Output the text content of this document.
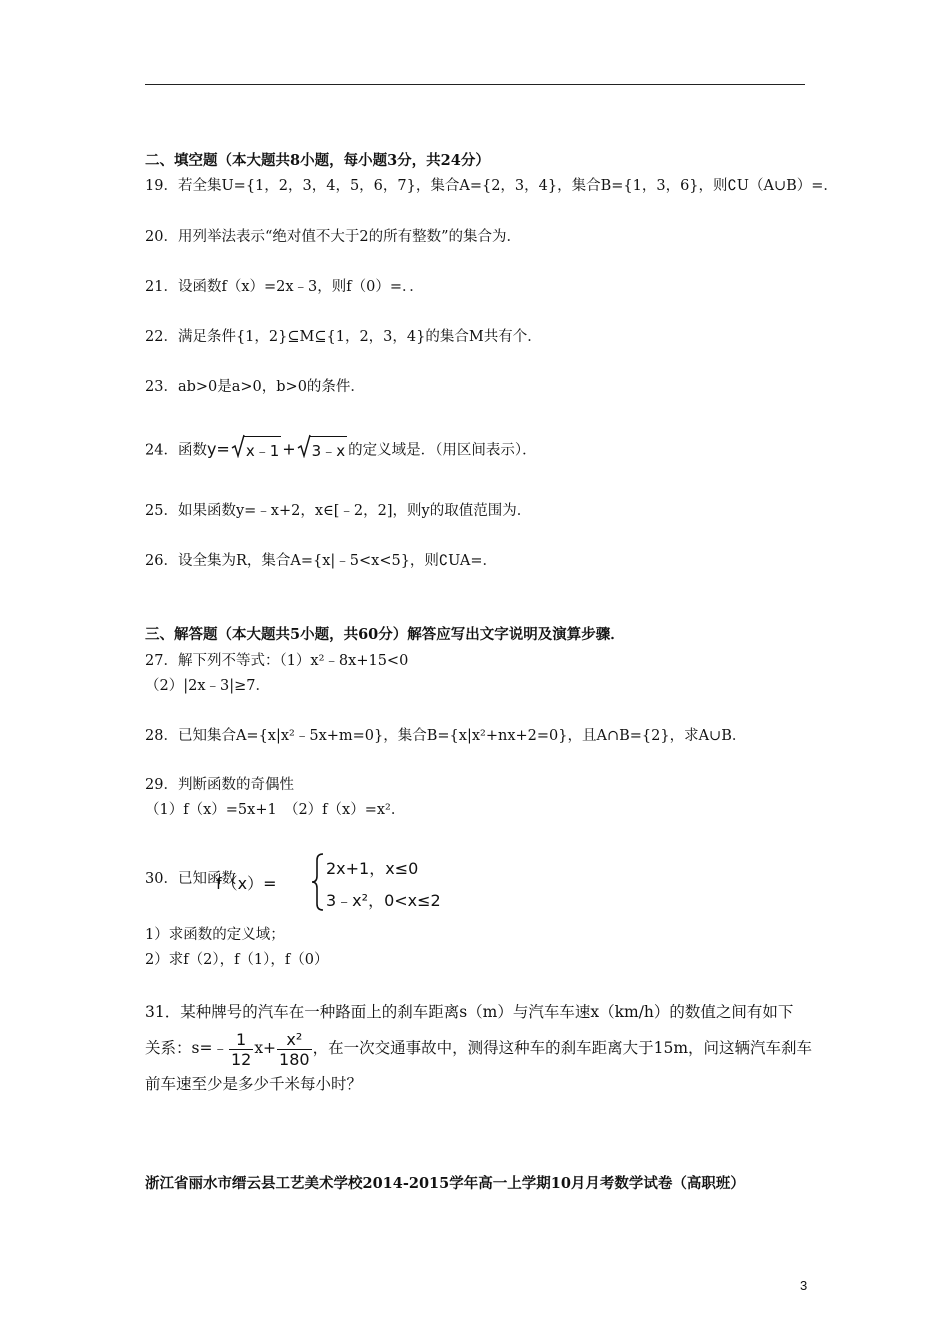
二、填空题（本大题共8小题，每小题3分，共24分）
19．若全集U={1，2，3，4，5，6，7}，集合A={2，3，4}，集合B={1，3，6}，则∁U（A∪B）=．
20．用列举法表示“绝对值不大于2的所有整数”的集合为．
21．设函数f（x）=2x﹣3，则f（0）=．．
22．满足条件{1，2}⊆M⊆{1，2，3，4}的集合M共有个．
23．ab>0是a>0，b>0的条件．
24．函数y= x﹣1 + 3﹣x 的定义域是．（用区间表示）．
25．如果函数y=﹣x+2，x∈[﹣2，2]，则y的取值范围为．
26．设全集为R，集合A={x|﹣5<x<5}，则∁UA=．
三、解答题（本大题共5小题，共60分）解答应写出文字说明及演算步骤．
27．解下列不等式：（1）x²﹣8x+15<0
（2）|2x﹣3|≥7．
28．已知集合A={x|x²﹣5x+m=0}，集合B={x|x²+nx+2=0}，且A∩B={2}，求A∪B．
29．判断函数的奇偶性
（1）f（x）=5x+1　（2）f（x）=x²．
30．已知函数
f（x）=
2x+1，x≤0
3﹣x²，0<x≤2
1）求函数的定义域；
2）求f（2），f（1），f（0）
31．某种牌号的汽车在一种路面上的刹车距离s（m）与汽车车速x（km/h）的数值之间有如下
关系：s=﹣ $\frac{1}{12} x+ \frac{\text{x²}}{180}$ ，在一次交通事故中，测得这种车的刹车距离大于15m，问这辆汽车刹车
前车速至少是多少千米每小时？
浙江省丽水市缙云县工艺美术学校2014-2015学年高一上学期10月月考数学试卷（高职班）
3
